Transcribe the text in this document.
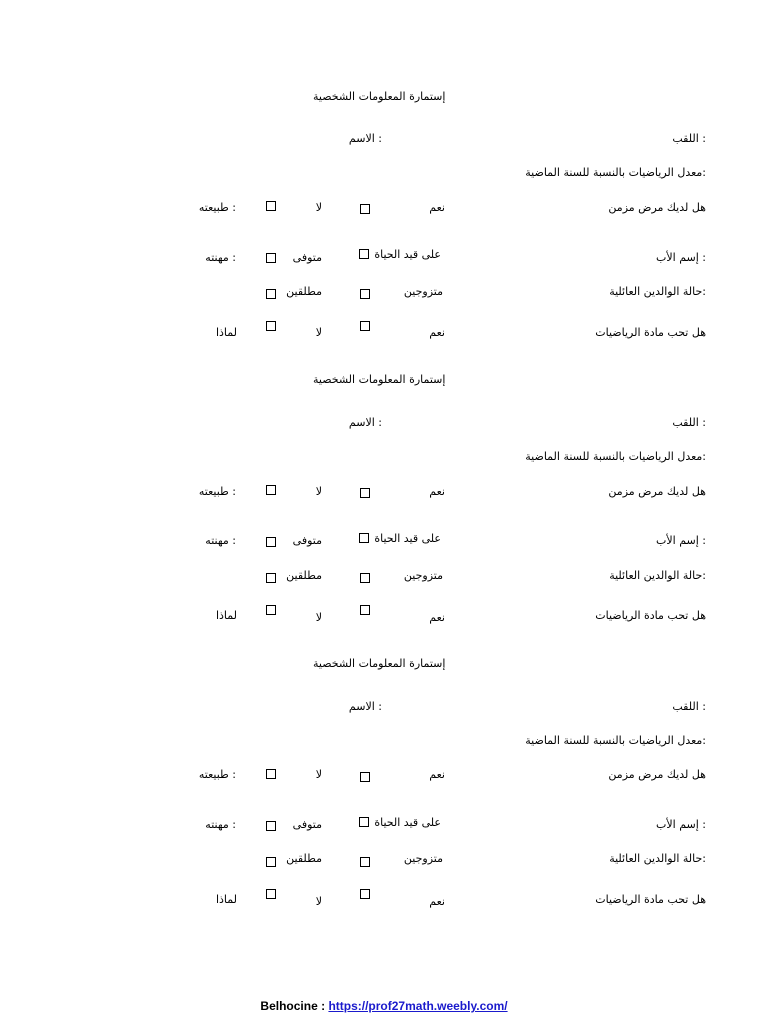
إستمارة المعلومات الشخصية
: اللقب
: الاسم
:معدل الرياضيات بالنسبة للسنة الماضية
هل لديك مرض مزمن
نعم
لا
: طبيعته
: إسم الأب
على قيد الحياة
متوفى
: مهنته
:حالة الوالدين العائلية
متزوجين
مطلقين
هل تحب مادة الرياضيات
نعم
لا
لماذا
إستمارة المعلومات الشخصية
: اللقب
: الاسم
:معدل الرياضيات بالنسبة للسنة الماضية
هل لديك مرض مزمن
نعم
لا
: طبيعته
: إسم الأب
على قيد الحياة
متوفى
: مهنته
:حالة الوالدين العائلية
متزوجين
مطلقين
هل تحب مادة الرياضيات
نعم
لا
لماذا
إستمارة المعلومات الشخصية
: اللقب
: الاسم
:معدل الرياضيات بالنسبة للسنة الماضية
هل لديك مرض مزمن
نعم
لا
: طبيعته
: إسم الأب
على قيد الحياة
متوفى
: مهنته
:حالة الوالدين العائلية
متزوجين
مطلقين
هل تحب مادة الرياضيات
نعم
لا
لماذا
Belhocine : https://prof27math.weebly.com/
